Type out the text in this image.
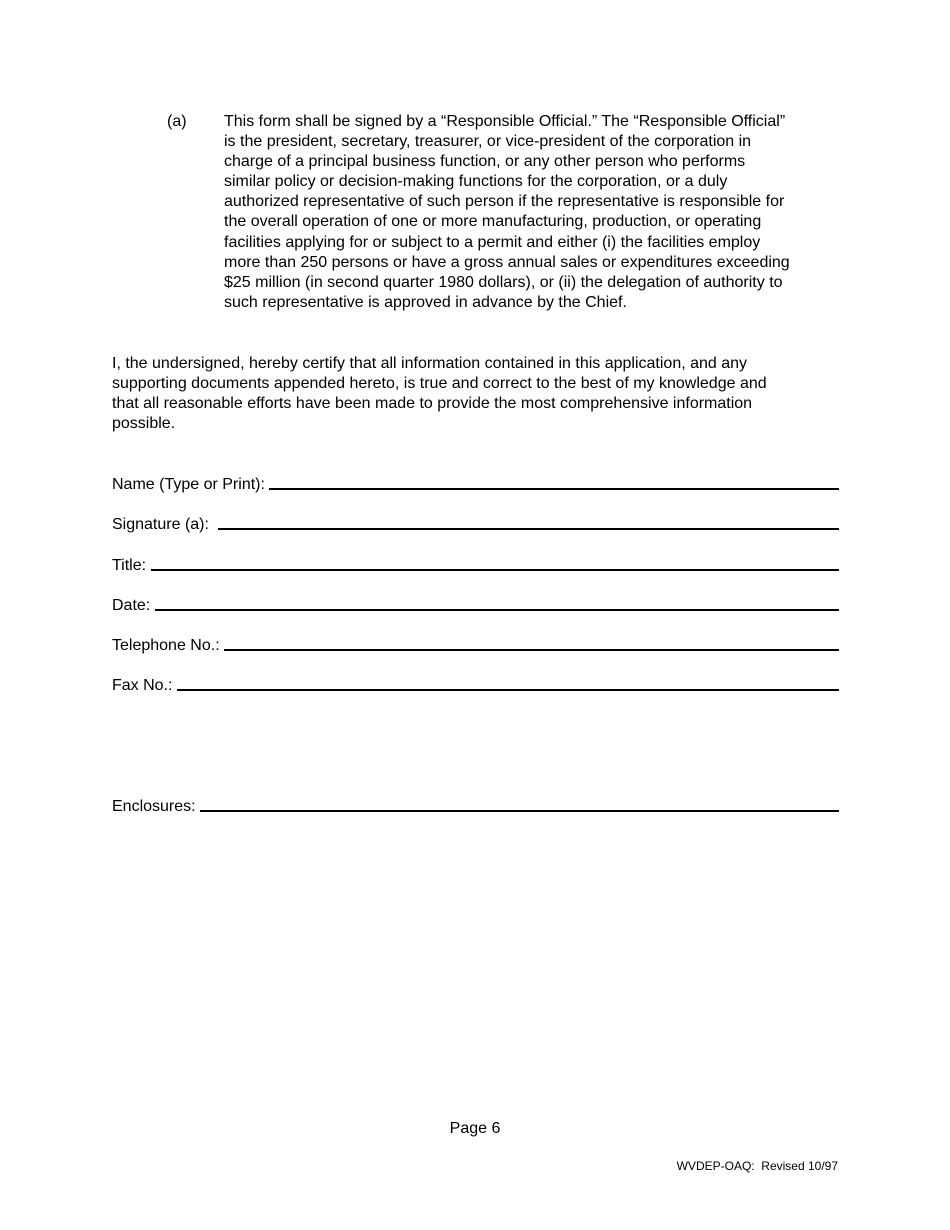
(a) This form shall be signed by a “Responsible Official.” The “Responsible Official”
is the president, secretary, treasurer, or vice-president of the corporation in
charge of a principal business function, or any other person who performs
similar policy or decision-making functions for the corporation, or a duly
authorized representative of such person if the representative is responsible for
the overall operation of one or more manufacturing, production, or operating
facilities applying for or subject to a permit and either (i) the facilities employ
more than 250 persons or have a gross annual sales or expenditures exceeding
$25 million (in second quarter 1980 dollars), or (ii) the delegation of authority to
such representative is approved in advance by the Chief.
I, the undersigned, hereby certify that all information contained in this application, and any
supporting documents appended hereto, is true and correct to the best of my knowledge and
that all reasonable efforts have been made to provide the most comprehensive information
possible.
Name (Type or Print):
Signature (a):
Title:
Date:
Telephone No.:
Fax No.:
Enclosures:
Page 6
WVDEP-OAQ:  Revised 10/97
